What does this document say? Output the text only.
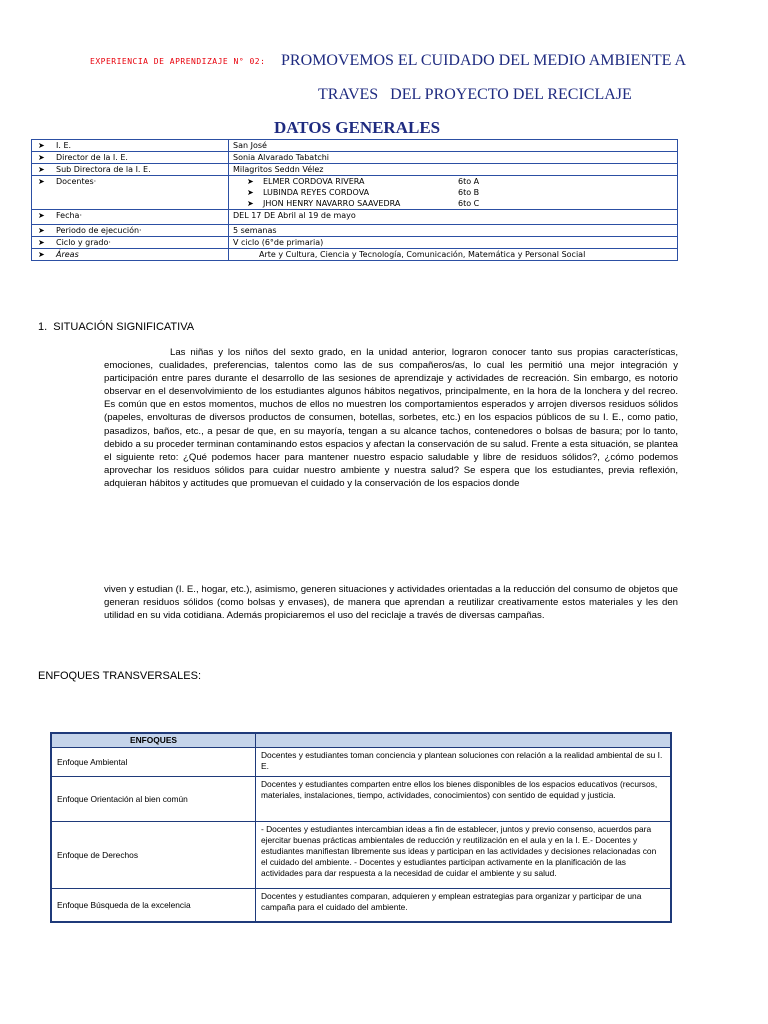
EXPERIENCIA DE APRENDIZAJE N° 02: PROMOVEMOS EL CUIDADO DEL MEDIO AMBIENTE A
TRAVES   DEL PROYECTO DEL RECICLAJE
DATOS GENERALES
➤ I. E.	San José
➤ Director de la I. E.	Sonia Alvarado Tabatchi
➤ Sub Directora de la I. E.	Milagritos Seddn Vélez
➤ Docentes·	➤ ELMER CORDOVA RIVERA 6to A
➤ LUBINDA REYES CORDOVA 6to B
➤ JHON HENRY NAVARRO SAAVEDRA 6to C

➤ Fecha·	DEL 17 DE Abril al 19 de mayo
➤ Periodo de ejecución·	5 semanas
➤ Ciclo y grado·	V ciclo (6°de primaria)
➤ Áreas	Arte y Cultura, Ciencia y Tecnología, Comunicación, Matemática y Personal Social
1.  SITUACIÓN SIGNIFICATIVA
Las niñas y los niños del sexto grado, en la unidad anterior, lograron conocer tanto sus propias características, emociones, cualidades, preferencias, talentos como las de sus compañeros/as, lo cual les permitió una mejor integración y participación entre pares durante el desarrollo de las sesiones de aprendizaje y actividades de recreación. Sin embargo, es notorio observar en el desenvolvimiento de los estudiantes algunos hábitos negativos, principalmente, en la hora de la lonchera y del recreo. Es común que en estos momentos, muchos de ellos no muestren los comportamientos esperados y arrojen diversos residuos sólidos (papeles, envolturas de diversos productos de consumen, botellas, sorbetes, etc.) en los espacios públicos de su I. E., como patio, pasadizos, baños, etc., a pesar de que, en su mayoría, tengan a su alcance tachos, contenedores o bolsas de basura; por lo tanto, debido a su proceder terminan contaminando estos espacios y afectan la conservación de su salud. Frente a esta situación, se plantea el siguiente reto: ¿Qué podemos hacer para mantener nuestro espacio saludable y libre de residuos sólidos?, ¿cómo podemos aprovechar los residuos sólidos para cuidar nuestro ambiente y nuestra salud? Se espera que los estudiantes, previa reflexión, adquieran hábitos y actitudes que promuevan el cuidado y la conservación de los espacios donde
viven y estudian (I. E., hogar, etc.), asimismo, generen situaciones y actividades orientadas a la reducción del consumo de objetos que generan residuos sólidos (como bolsas y envases), de manera que aprendan a reutilizar creativamente estos materiales y les den utilidad en su vida cotidiana. Además propiciaremos el uso del reciclaje a través de diversas campañas.
ENFOQUES TRANSVERSALES:
ENFOQUES	
Enfoque Ambiental	Docentes y estudiantes toman conciencia y plantean soluciones con relación a la realidad ambiental de su I. E.
Enfoque Orientación al bien común	Docentes y estudiantes comparten entre ellos los bienes disponibles de los espacios educativos (recursos, materiales, instalaciones, tiempo, actividades, conocimientos) con sentido de equidad y justicia.
Enfoque de Derechos	- Docentes y estudiantes intercambian ideas a fin de establecer, juntos y previo consenso, acuerdos para ejercitar buenas prácticas ambientales de reducción y reutilización en el aula y en la I. E.- Docentes y estudiantes manifiestan libremente sus ideas y participan en las actividades y decisiones relacionadas con el cuidado del ambiente. - Docentes y estudiantes participan activamente en la planificación de las actividades para dar respuesta a la necesidad de cuidar el ambiente y su salud.
Enfoque Búsqueda de la excelencia	Docentes y estudiantes comparan, adquieren y emplean estrategias para organizar y participar de una campaña para el cuidado del ambiente.
